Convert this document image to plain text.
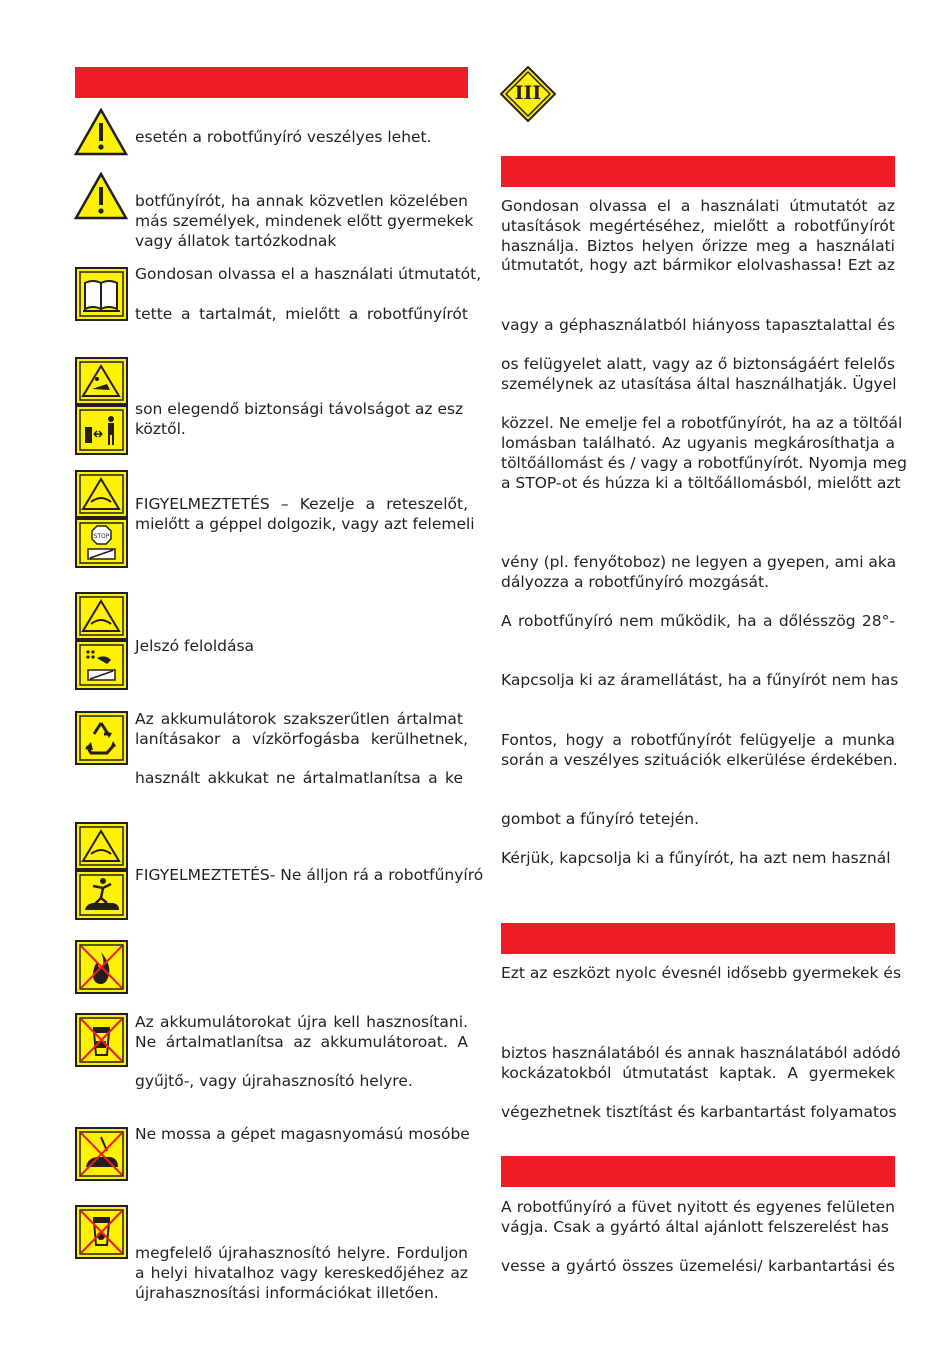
III
STOP
esetén a robotfűnyíró veszélyes lehet.
botfűnyírót, ha annak közvetlen közelében
más személyek, mindenek előtt gyermekek
vagy állatok tartózkodnak
Gondosan olvassa el a használati útmutatót,
tette a tartalmát, mielőtt a robotfűnyírót
son elegendő biztonsági távolságot az esz
köztől.
FIGYELMEZTETÉS – Kezelje a reteszelőt,
mielőtt a géppel dolgozik, vagy azt felemeli
Jelszó feloldása
Az akkumulátorok szakszerűtlen ártalmat
lanításakor a vízkörfogásba kerülhetnek,
használt akkukat ne ártalmatlanítsa a ke
FIGYELMEZTETÉS- Ne álljon rá a robotfűnyíró
Az akkumulátorokat újra kell hasznosítani.
Ne ártalmatlanítsa az akkumulátoroat. A
gyűjtő-, vagy újrahasznosító helyre.
Ne mossa a gépet magasnyomású mosóbe
megfelelő újrahasznosító helyre. Forduljon
a helyi hivatalhoz vagy kereskedőjéhez az
újrahasznosítási információkat illetően.
Gondosan olvassa el a használati útmutatót az
utasítások megértéséhez, mielőtt a robotfűnyírót
használja. Biztos helyen őrizze meg a használati
útmutatót, hogy azt bármikor elolvashassa! Ezt az
vagy a géphasználatból hiányoss tapasztalattal és
os felügyelet alatt, vagy az ő biztonságáért felelős
személynek az utasítása által használhatják. Ügyel
közzel. Ne emelje fel a robotfűnyírót, ha az a töltőál
lomásban található. Az ugyanis megkárosíthatja a
töltőállomást és / vagy a robotfűnyírót. Nyomja meg
a STOP-ot és húzza ki a töltőállomásból, mielőtt azt
vény (pl. fenyőtoboz) ne legyen a gyepen, ami aka
dályozza a robotfűnyíró mozgását.
A robotfűnyíró nem működik, ha a dőlésszög 28°-
Kapcsolja ki az áramellátást, ha a fűnyírót nem has
Fontos, hogy a robotfűnyírót felügyelje a munka
során a veszélyes szituációk elkerülése érdekében.
gombot a fűnyíró tetején.
Kérjük, kapcsolja ki a fűnyírót, ha azt nem használ
Ezt az eszközt nyolc évesnél idősebb gyermekek és
biztos használatából és annak használatából adódó
kockázatokból útmutatást kaptak. A gyermekek
végezhetnek tisztítást és karbantartást folyamatos
A robotfűnyíró a füvet nyitott és egyenes felületen
vágja. Csak a gyártó által ajánlott felszerelést has
vesse a gyártó összes üzemelési/ karbantartási és
